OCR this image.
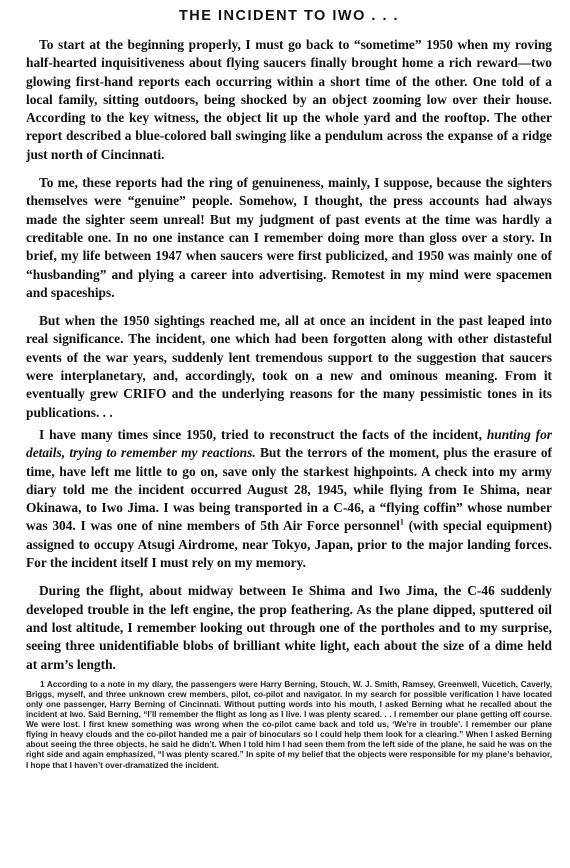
THE INCIDENT TO IWO . . .

To start at the beginning properly, I must go back to “sometime” 1950 when my roving half-hearted inquisitiveness about flying saucers finally brought home a rich reward—two glowing first-hand reports each occurring within a short time of the other. One told of a local family, sitting outdoors, being shocked by an object zooming low over their house. According to the key witness, the object lit up the whole yard and the rooftop. The other report described a blue-colored ball swinging like a pendulum across the expanse of a ridge just north of Cincinnati.

To me, these reports had the ring of genuineness, mainly, I suppose, because the sighters themselves were “genuine” people. Somehow, I thought, the press accounts had always made the sighter seem unreal! But my judgment of past events at the time was hardly a creditable one. In no one instance can I remember doing more than gloss over a story. In brief, my life between 1947 when saucers were first publicized, and 1950 was mainly one of “husbanding” and plying a career into advertising. Remotest in my mind were spacemen and spaceships.

But when the 1950 sightings reached me, all at once an incident in the past leaped into real significance. The incident, one which had been forgotten along with other distasteful events of the war years, suddenly lent tremendous support to the suggestion that saucers were interplanetary, and, accordingly, took on a new and ominous meaning. From it eventually grew CRIFO and the underlying reasons for the many pessimistic tones in its publications. . .

I have many times since 1950, tried to reconstruct the facts of the incident, hunting for details, trying to remember my reactions. But the terrors of the moment, plus the erasure of time, have left me little to go on, save only the starkest highpoints. A check into my army diary told me the incident occurred August 28, 1945, while flying from Ie Shima, near Okinawa, to Iwo Jima. I was being transported in a C-46, a “flying coffin” whose number was 304. I was one of nine members of 5th Air Force personnel$^1$ (with special equipment) assigned to occupy Atsugi Airdrome, near Tokyo, Japan, prior to the major landing forces. For the incident itself I must rely on my memory.

During the flight, about midway between Ie Shima and Iwo Jima, the C-46 suddenly developed trouble in the left engine, the prop feathering. As the plane dipped, sputtered oil and lost altitude, I remember looking out through one of the portholes and to my surprise, seeing three unidentifiable blobs of brilliant white light, each about the size of a dime held at arm’s length.

1 According to a note in my diary, the passengers were Harry Berning, Stouch, W. J. Smith, Ramsey, Greenwell, Vucetich, Caverly, Briggs, myself, and three unknown crew members, pilot, co-pilot and navigator. In my search for possible verification I have located only one passenger, Harry Berning of Cincinnati. Without putting words into his mouth, I asked Berning what he recalled about the incident at Iwo. Said Berning, “I’ll remember the flight as long as I live. I was plenty scared. . . I remember our plane getting off course. We were lost. I first knew something was wrong when the co-pilot came back and told us, ‘We’re in trouble’. I remember our plane flying in heavy clouds and the co-pilot handed me a pair of binoculars so I could help them look for a clearing.” When I asked Berning about seeing the three objects, he said he didn’t. When I told him I had seen them from the left side of the plane, he said he was on the right side and again emphasized, “I was plenty scared.” In spite of my belief that the objects were responsible for my plane’s behavior, I hope that I haven’t over-dramatized the incident.
